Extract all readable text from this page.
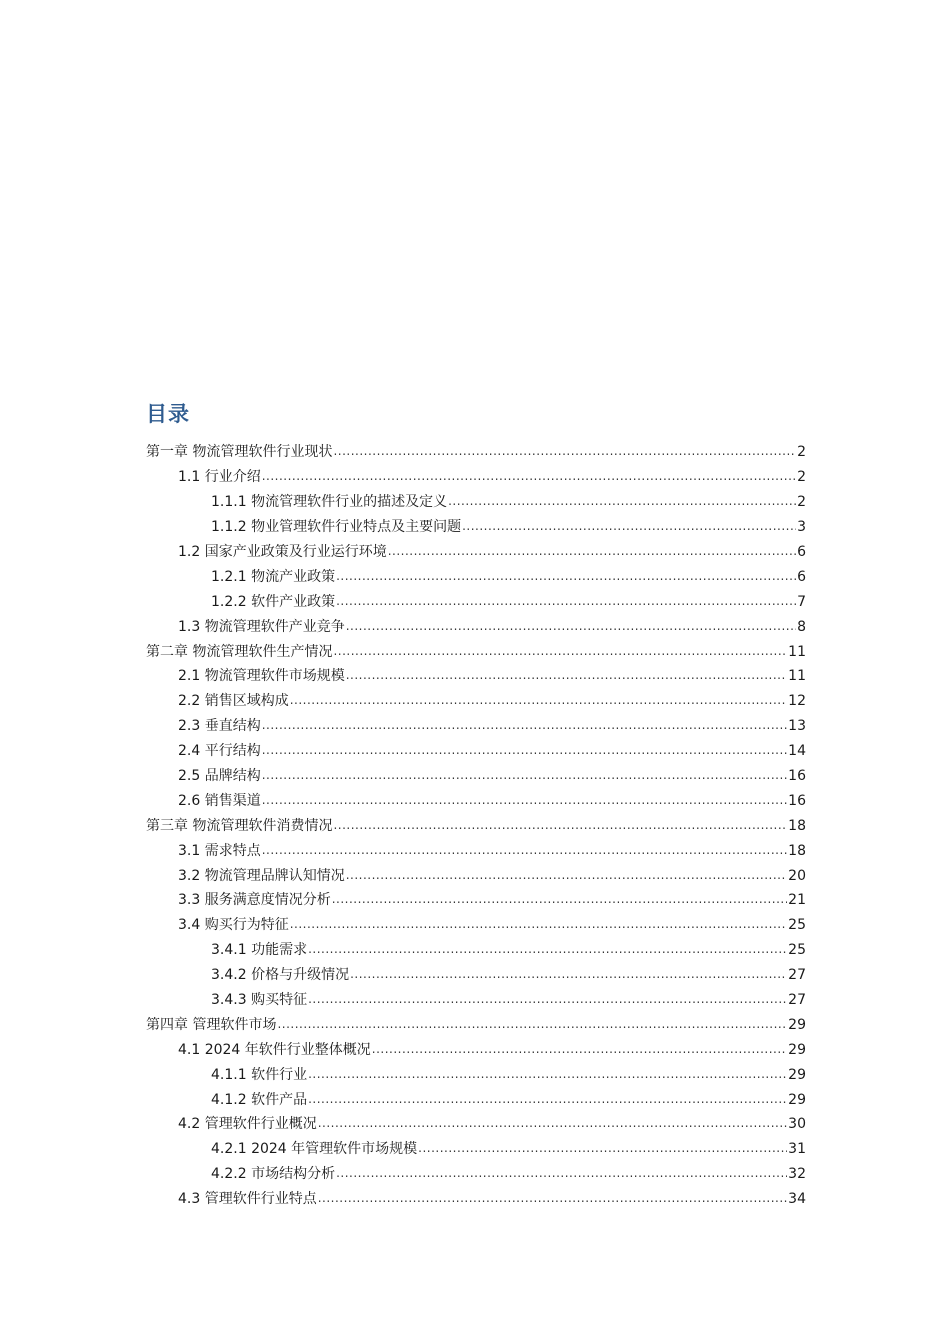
目录
第一章 物流管理软件行业现状 .....	2
1.1 行业介绍 .....	2
1.1.1 物流管理软件行业的描述及定义 .....	2
1.1.2 物业管理软件行业特点及主要问题 .....	3
1.2 国家产业政策及行业运行环境 .....	6
1.2.1 物流产业政策 .....	6
1.2.2 软件产业政策 .....	7
1.3 物流管理软件产业竞争 .....	8
第二章 物流管理软件生产情况 .....	11
2.1 物流管理软件市场规模 .....	11
2.2 销售区域构成 .....	12
2.3 垂直结构 .....	13
2.4 平行结构 .....	14
2.5 品牌结构 .....	16
2.6 销售渠道 .....	16
第三章 物流管理软件消费情况 .....	18
3.1 需求特点 .....	18
3.2 物流管理品牌认知情况 .....	20
3.3 服务满意度情况分析 .....	21
3.4 购买行为特征 .....	25
3.4.1 功能需求 .....	25
3.4.2 价格与升级情况 .....	27
3.4.3 购买特征 .....	27
第四章 管理软件市场 .....	29
4.1 2024 年软件行业整体概况 .....	29
4.1.1 软件行业 .....	29
4.1.2 软件产品 .....	29
4.2 管理软件行业概况 .....	30
4.2.1 2024 年管理软件市场规模 .....	31
4.2.2 市场结构分析 .....	32
4.3 管理软件行业特点 .....	34
